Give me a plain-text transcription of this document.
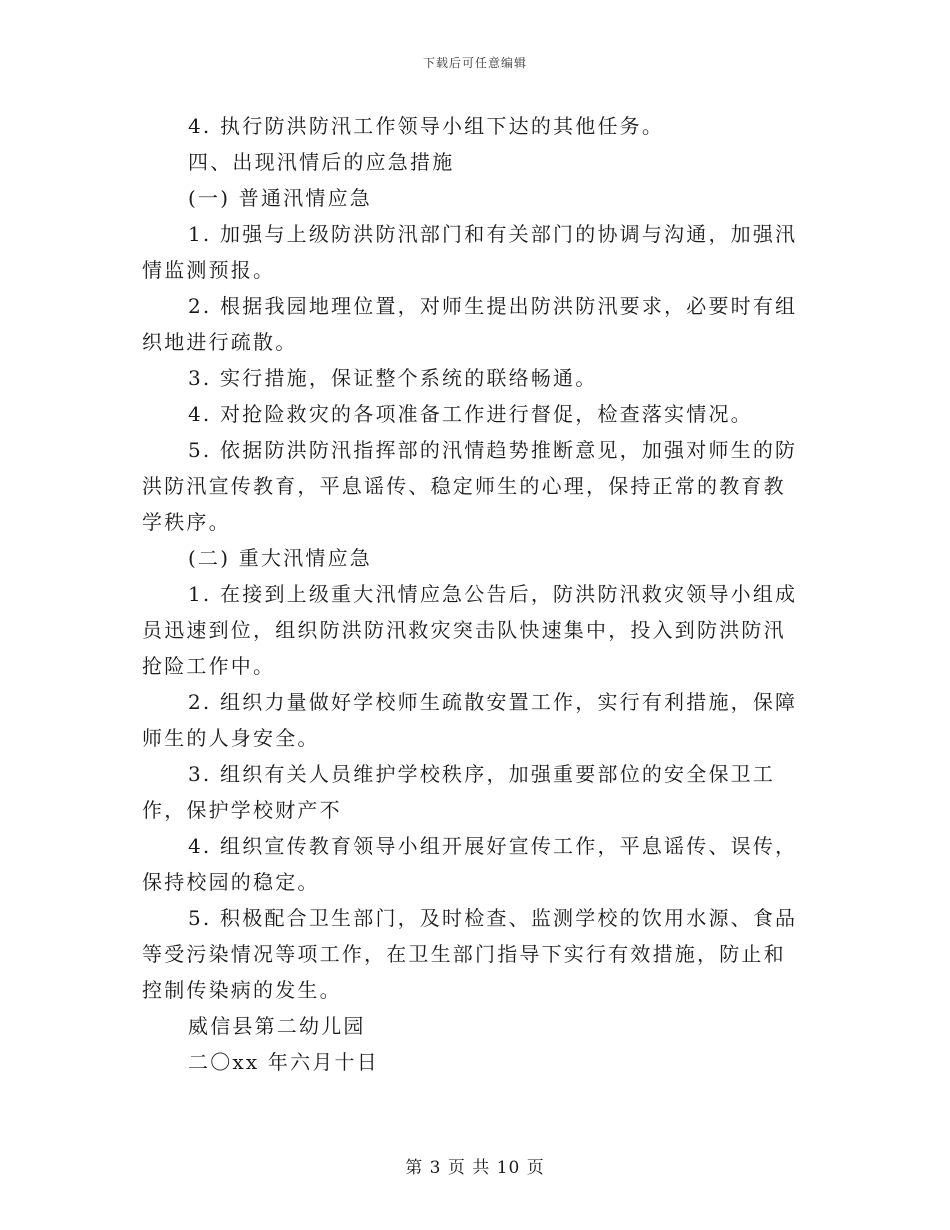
下载后可任意编辑

4. 执行防洪防汛工作领导小组下达的其他任务。

四、出现汛情后的应急措施

(一) 普通汛情应急

1. 加强与上级防洪防汛部门和有关部门的协调与沟通，加强汛情监测预报。

2. 根据我园地理位置，对师生提出防洪防汛要求，必要时有组织地进行疏散。

3. 实行措施，保证整个系统的联络畅通。

4. 对抢险救灾的各项准备工作进行督促，检查落实情况。

5. 依据防洪防汛指挥部的汛情趋势推断意见，加强对师生的防洪防汛宣传教育，平息谣传、稳定师生的心理，保持正常的教育教学秩序。

(二) 重大汛情应急

1. 在接到上级重大汛情应急公告后，防洪防汛救灾领导小组成员迅速到位，组织防洪防汛救灾突击队快速集中，投入到防洪防汛抢险工作中。

2. 组织力量做好学校师生疏散安置工作，实行有利措施，保障师生的人身安全。

3. 组织有关人员维护学校秩序，加强重要部位的安全保卫工作，保护学校财产不

4. 组织宣传教育领导小组开展好宣传工作，平息谣传、误传，保持校园的稳定。

5. 积极配合卫生部门，及时检查、监测学校的饮用水源、食品等受污染情况等项工作，在卫生部门指导下实行有效措施，防止和控制传染病的发生。

威信县第二幼儿园

二〇xx 年六月十日

第 3 页 共 10 页
